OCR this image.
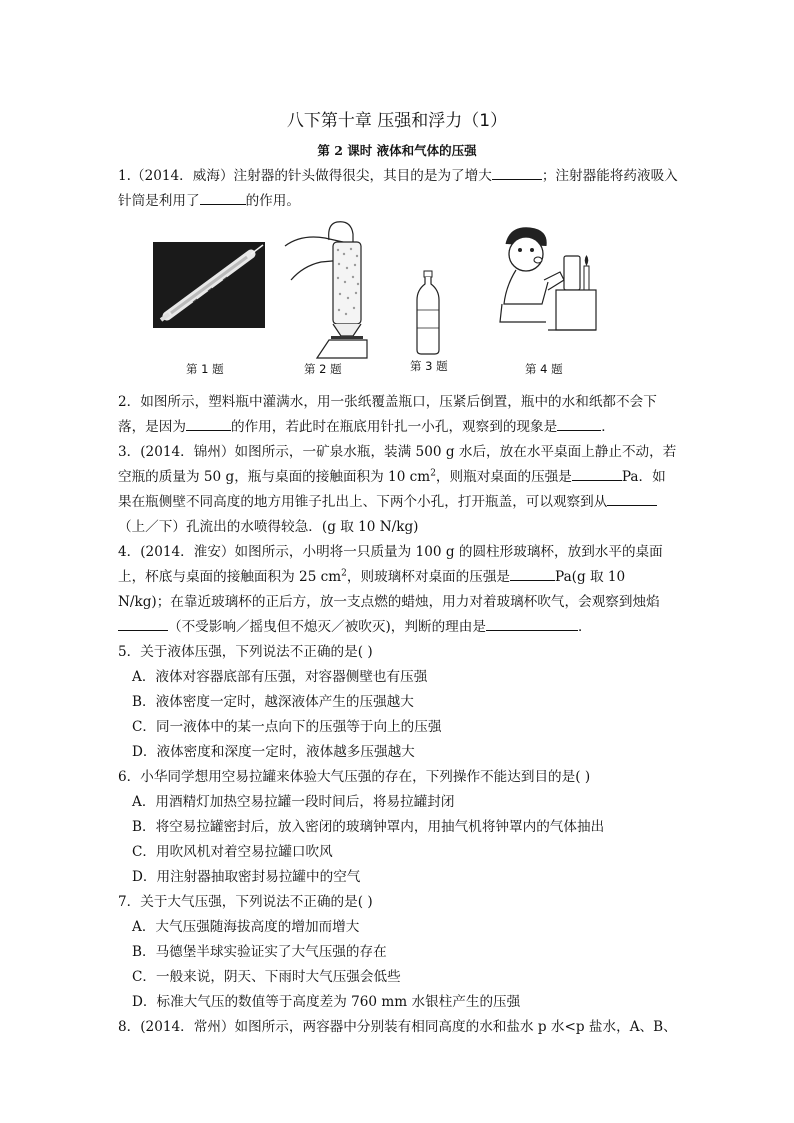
八下第十章 压强和浮力（1）
第 2 课时 液体和气体的压强

1.（2014．威海）注射器的针头做得很尖，其目的是为了增大	；注射器能将药液吸入针筒是利用了	的作用。

第 1 题	第 2 题	第 3 题	第 4 题

2．如图所示，塑料瓶中灌满水，用一张纸覆盖瓶口，压紧后倒置，瓶中的水和纸都不会下落，是因为	的作用，若此时在瓶底用针扎一小孔，观察到的现象是	．

3．(2014．锦州）如图所示，一矿泉水瓶，装满 500 g 水后，放在水平桌面上静止不动，若空瓶的质量为 50 g，瓶与桌面的接触面积为 10 $cm^2$，则瓶对桌面的压强是	Pa．如果在瓶侧壁不同高度的地方用锥子扎出上、下两个小孔，打开瓶盖，可以观察到从（上／下）孔流出的水喷得较急．(g 取 10 N/kg)

4．(2014．淮安）如图所示，小明将一只质量为 100 g 的圆柱形玻璃杯，放到水平的桌面上，杯底与桌面的接触面积为 25 $cm^2$，则玻璃杯对桌面的压强是	Pa(g 取 10 N/kg)；在靠近玻璃杯的正后方，放一支点燃的蜡烛，用力对着玻璃杯吹气，会观察到烛焰（不受影响／摇曳但不熄灭／被吹灭)，判断的理由是	．

5．关于液体压强，下列说法不正确的是( )

A．液体对容器底部有压强，对容器侧壁也有压强

B．液体密度一定时，越深液体产生的压强越大

C．同一液体中的某一点向下的压强等于向上的压强

D．液体密度和深度一定时，液体越多压强越大

6．小华同学想用空易拉罐来体验大气压强的存在，下列操作不能达到目的是( )

A．用酒精灯加热空易拉罐一段时间后，将易拉罐封闭

B．将空易拉罐密封后，放入密闭的玻璃钟罩内，用抽气机将钟罩内的气体抽出

C．用吹风机对着空易拉罐口吹风

D．用注射器抽取密封易拉罐中的空气

7．关于大气压强，下列说法不正确的是( )

A．大气压强随海拔高度的增加而增大

B．马德堡半球实验证实了大气压强的存在

C．一般来说，阴天、下雨时大气压强会低些

D．标准大气压的数值等于高度差为 760 mm 水银柱产生的压强

8．(2014．常州）如图所示，两容器中分别装有相同高度的水和盐水 p 水<p 盐水，A、B、
